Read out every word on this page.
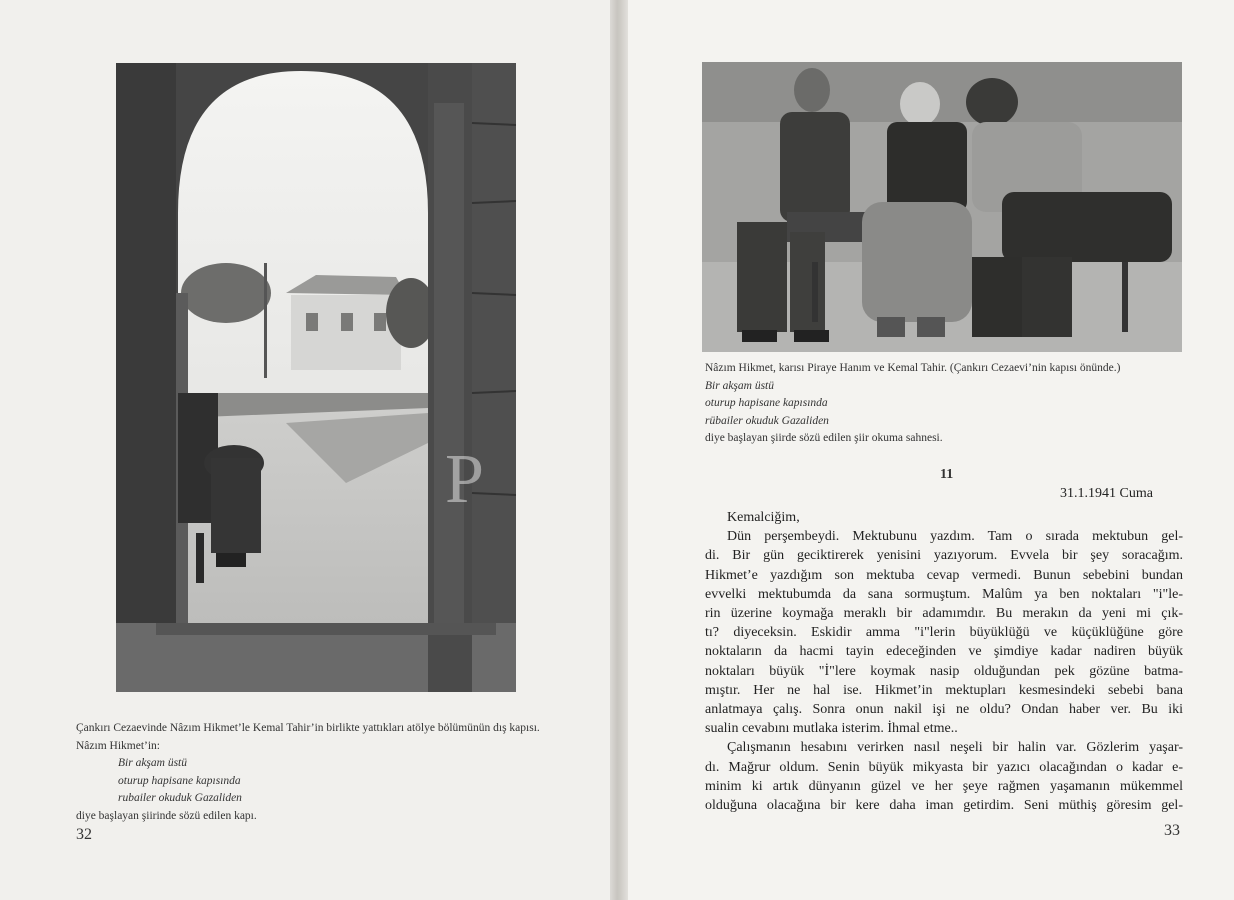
P
Çankırı Cezaevinde Nâzım Hikmet’le Kemal Tahir’in birlikte yattıkları atölye bölümünün dış kapısı. Nâzım Hikmet’in:
Bir akşam üstü
oturup hapisane kapısında
rubailer okuduk Gazaliden
diye başlayan şiirinde sözü edilen kapı.
32
Nâzım Hikmet, karısı Piraye Hanım ve Kemal Tahir. (Çankırı Cezaevi’nin kapısı önünde.)
Bir akşam üstü
oturup hapisane kapısında
rübailer okuduk Gazaliden
diye başlayan şiirde sözü edilen şiir okuma sahnesi.
11
31.1.1941 Cuma

Kemalciğim,

Dün perşembeydi. Mektubunu yazdım. Tam o sırada mektubun gel-
di. Bir gün geciktirerek yenisini yazıyorum. Evvela bir şey soracağım.
Hikmet’e yazdığım son mektuba cevap vermedi. Bunun sebebini bundan
evvelki mektubumda da sana sormuştum. Malûm ya ben noktaları "i"le-
rin üzerine koymağa meraklı bir adamımdır. Bu merakın da yeni mi çık-
tı? diyeceksin. Eskidir amma "i"lerin büyüklüğü ve küçüklüğüne göre
noktaların da hacmi tayin edeceğinden ve şimdiye kadar nadiren büyük
noktaları büyük "İ"lere koymak nasip olduğundan pek gözüne batma-
mıştır. Her ne hal ise. Hikmet’in mektupları kesmesindeki sebebi bana
anlatmaya çalış. Sonra onun nakil işi ne oldu? Ondan haber ver. Bu iki
sualin cevabını mutlaka isterim. İhmal etme..
Çalışmanın hesabını verirken nasıl neşeli bir halin var. Gözlerim yaşar-
dı. Mağrur oldum. Senin büyük mikyasta bir yazıcı olacağından o kadar e-
minim ki artık dünyanın güzel ve her şeye rağmen yaşamanın mükemmel
olduğuna olacağına bir kere daha iman getirdim. Seni müthiş göresim gel-
33
